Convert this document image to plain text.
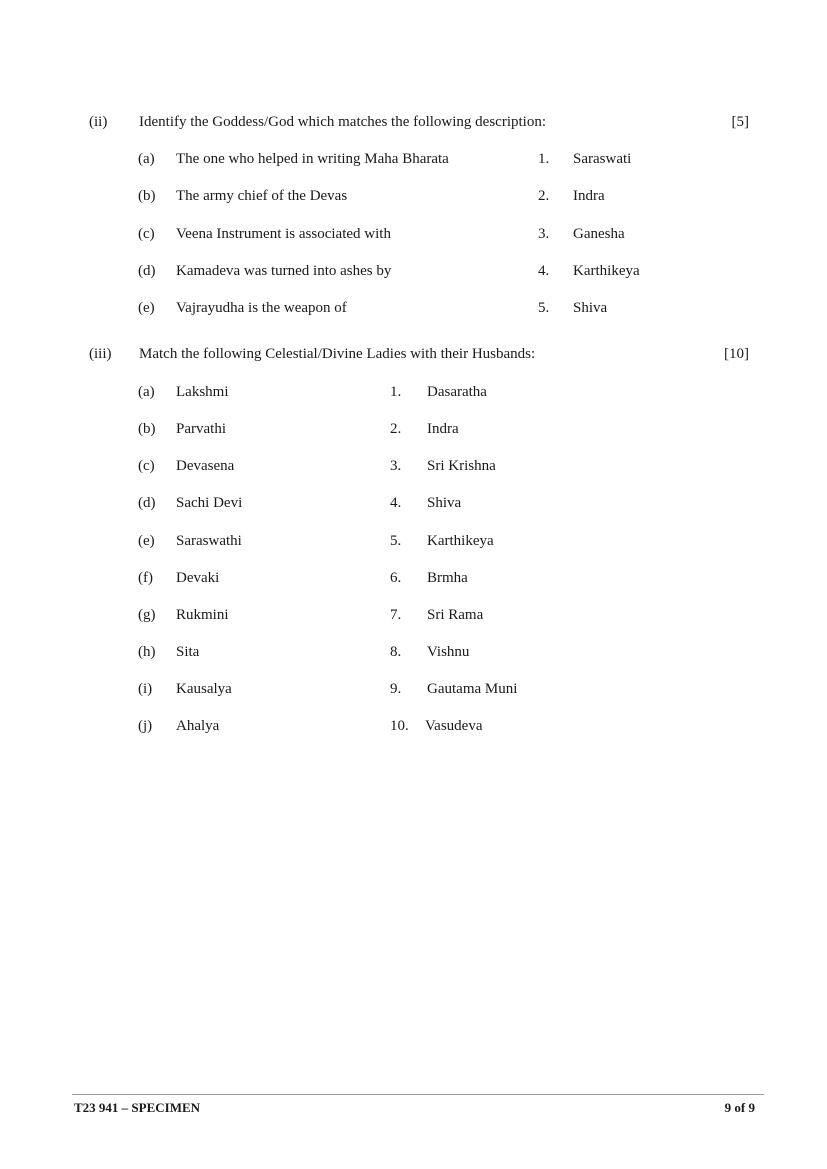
(ii) Identify the Goddess/God which matches the following description:	[5]
(a) The one who helped in writing Maha Bharata	1. Saraswati
(b) The army chief of the Devas	2. Indra
(c) Veena Instrument is associated with	3. Ganesha
(d) Kamadeva was turned into ashes by	4. Karthikeya
(e) Vajrayudha is the weapon of	5. Shiva
(iii) Match the following Celestial/Divine Ladies with their Husbands:	[10]
(a) Lakshmi	1. Dasaratha
(b) Parvathi	2. Indra
(c) Devasena	3. Sri Krishna
(d) Sachi Devi	4. Shiva
(e) Saraswathi	5. Karthikeya
(f) Devaki	6. Brmha
(g) Rukmini	7. Sri Rama
(h) Sita	8. Vishnu
(i) Kausalya	9. Gautama Muni
(j) Ahalya	10. Vasudeva
T23 941 – SPECIMEN	9 of 9
